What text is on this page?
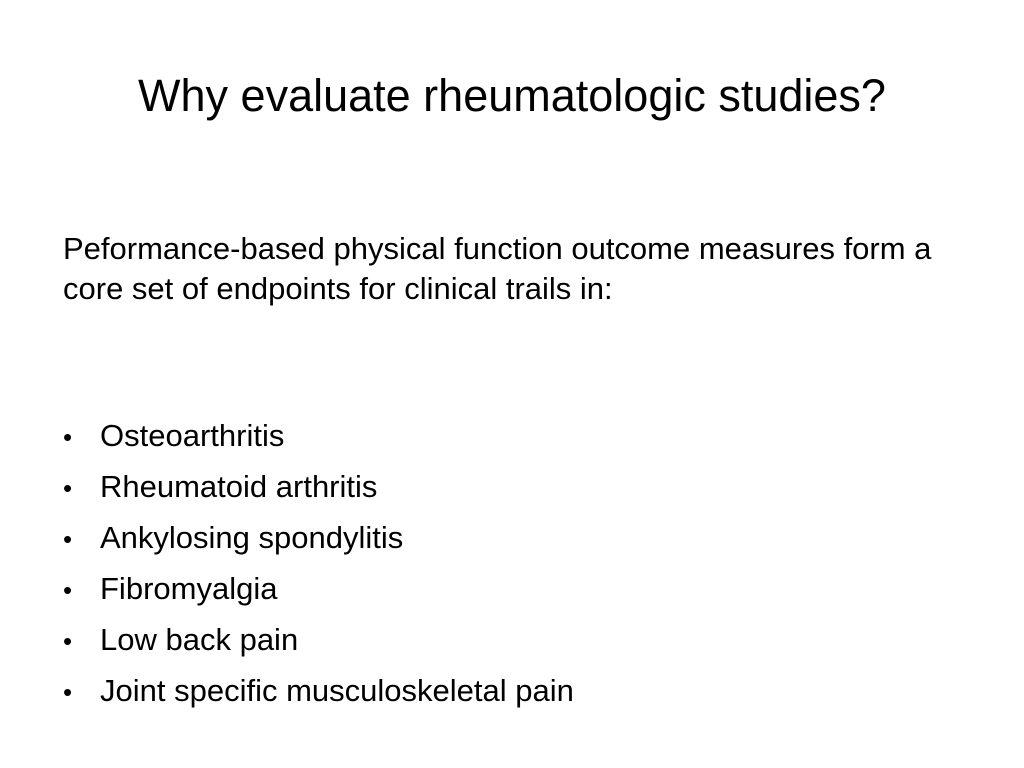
Why evaluate rheumatologic studies?

Peformance-based physical function outcome measures form a core set of endpoints for clinical trails in:

• Osteoarthritis
• Rheumatoid arthritis
• Ankylosing spondylitis
• Fibromyalgia
• Low back pain
• Joint specific musculoskeletal pain
